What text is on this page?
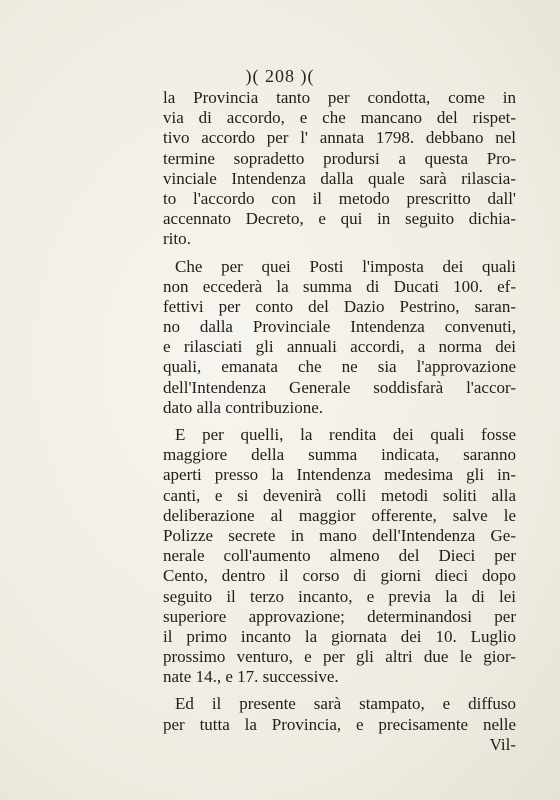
)( 208 )(
la Provincia tanto per condotta, come in
via di accordo, e che mancano del rispet-
tivo accordo per l' annata 1798. debbano nel
termine sopradetto prodursi a questa Pro-
vinciale Intendenza dalla quale sarà rilascia-
to l'accordo con il metodo prescritto dall'
accennato Decreto, e qui in seguito dichia-
rito.
Che per quei Posti l'imposta dei quali
non eccederà la summa di Ducati 100. ef-
fettivi per conto del Dazio Pestrino, saran-
no dalla Provinciale Intendenza convenuti,
e rilasciati gli annuali accordi, a norma dei
quali, emanata che ne sia l'approvazione
dell'Intendenza Generale soddisfarà l'accor-
dato alla contribuzione.
E per quelli, la rendita dei quali fosse
maggiore della summa indicata, saranno
aperti presso la Intendenza medesima gli in-
canti, e si devenirà colli metodi soliti alla
deliberazione al maggior offerente, salve le
Polizze secrete in mano dell'Intendenza Ge-
nerale coll'aumento almeno del Dieci per
Cento, dentro il corso di giorni dieci dopo
seguito il terzo incanto, e previa la di lei
superiore approvazione; determinandosi per
il primo incanto la giornata dei 10. Luglio
prossimo venturo, e per gli altri due le gior-
nate 14., e 17. successive.
Ed il presente sarà stampato, e diffuso
per tutta la Provincia, e precisamente nelle
Vil-
